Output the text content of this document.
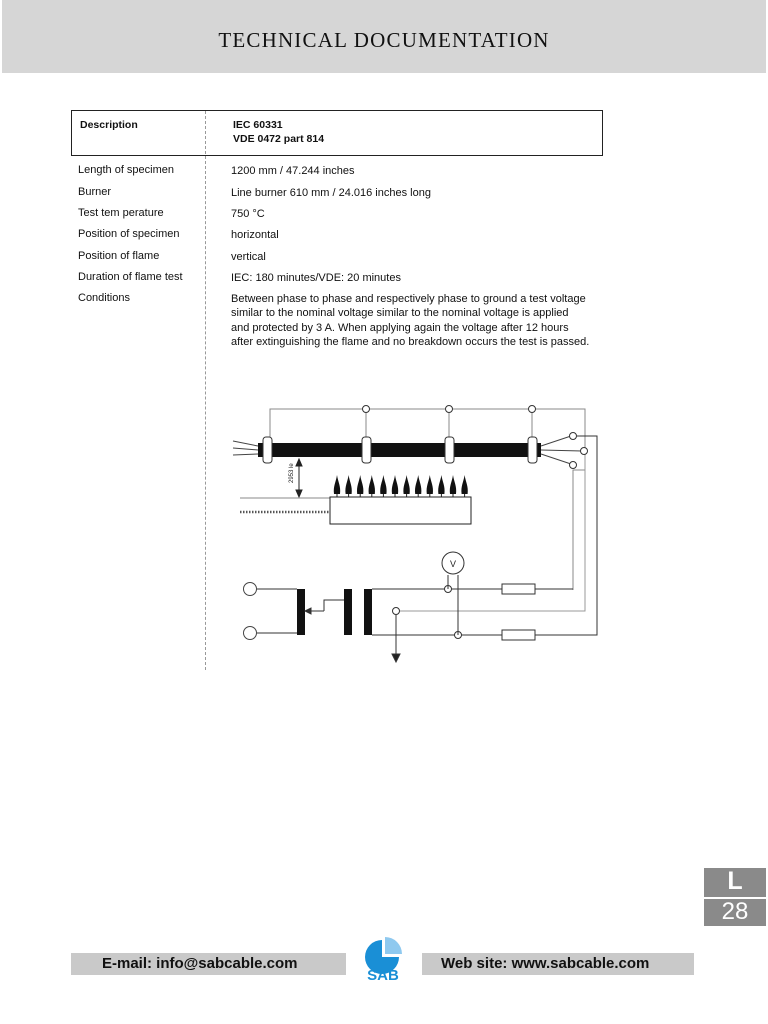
TECHNICAL DOCUMENTATION
Description	IEC 60331
VDE 0472 part 814
Length of specimen	1200 mm / 47.244 inches
Burner	Line burner 610 mm / 24.016 inches long
Test tem perature	750 °C
Position of specimen	horizontal
Position of flame	vertical
Duration of flame test	IEC: 180 minutes/VDE: 20 minutes
Conditions	Between phase to phase and respectively phase to ground a test voltage
similar to the nominal voltage similar to the nominal voltage is applied
and protected by 3 A. When applying again the voltage after 12 hours
after extinguishing the flame and no breakdown occurs the test is passed.
2953 le
V
L
28
E-mail: info@sabcable.com	Web site: www.sabcable.com
SAB
